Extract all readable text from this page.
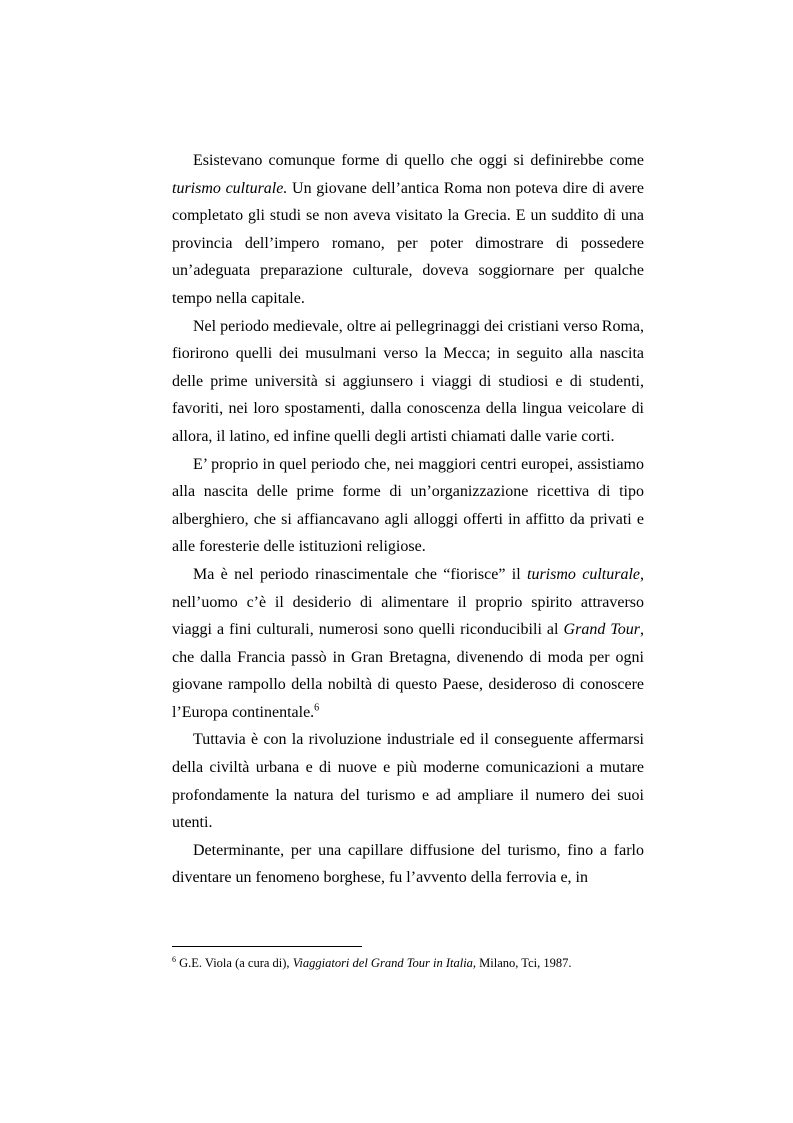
Esistevano comunque forme di quello che oggi si definirebbe come turismo culturale. Un giovane dell’antica Roma non poteva dire di avere completato gli studi se non aveva visitato la Grecia. E un suddito di una provincia dell’impero romano, per poter dimostrare di possedere un’adeguata preparazione culturale, doveva soggiornare per qualche tempo nella capitale.

Nel periodo medievale, oltre ai pellegrinaggi dei cristiani verso Roma, fiorirono quelli dei musulmani verso la Mecca; in seguito alla nascita delle prime università si aggiunsero i viaggi di studiosi e di studenti, favoriti, nei loro spostamenti, dalla conoscenza della lingua veicolare di allora, il latino, ed infine quelli degli artisti chiamati dalle varie corti.

E’ proprio in quel periodo che, nei maggiori centri europei, assistiamo alla nascita delle prime forme di un’organizzazione ricettiva di tipo alberghiero, che si affiancavano agli alloggi offerti in affitto da privati e alle foresterie delle istituzioni religiose.

Ma è nel periodo rinascimentale che “fiorisce” il turismo culturale, nell’uomo c’è il desiderio di alimentare il proprio spirito attraverso viaggi a fini culturali, numerosi sono quelli riconducibili al Grand Tour, che dalla Francia passò in Gran Bretagna, divenendo di moda per ogni giovane rampollo della nobiltà di questo Paese, desideroso di conoscere l’Europa continentale.$^6$

Tuttavia è con la rivoluzione industriale ed il conseguente affermarsi della civiltà urbana e di nuove e più moderne comunicazioni a mutare profondamente la natura del turismo e ad ampliare il numero dei suoi utenti.

Determinante, per una capillare diffusione del turismo, fino a farlo diventare un fenomeno borghese, fu l’avvento della ferrovia e, in

$^6$ G.E. Viola (a cura di), Viaggiatori del Grand Tour in Italia, Milano, Tci, 1987.
